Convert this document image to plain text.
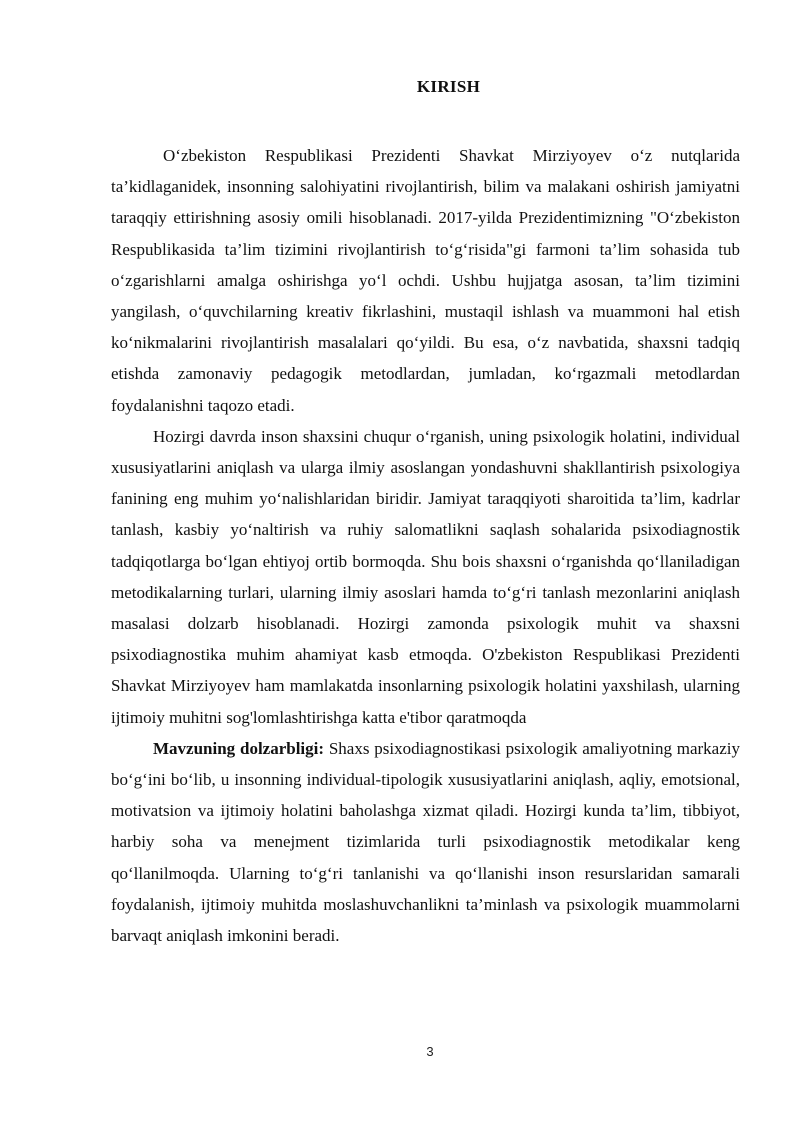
KIRISH

O‘zbekiston Respublikasi Prezidenti Shavkat Mirziyoyev o‘z nutqlarida ta’kidlaganidek, insonning salohiyatini rivojlantirish, bilim va malakani oshirish jamiyatni taraqqiy ettirishning asosiy omili hisoblanadi. 2017-yilda Prezidentimizning "O‘zbekiston Respublikasida ta’lim tizimini rivojlantirish to‘g‘risida"gi farmoni ta’lim sohasida tub o‘zgarishlarni amalga oshirishga yo‘l ochdi. Ushbu hujjatga asosan, ta’lim tizimini yangilash, o‘quvchilarning kreativ fikrlashini, mustaqil ishlash va muammoni hal etish ko‘nikmalarini rivojlantirish masalalari qo‘yildi. Bu esa, o‘z navbatida, shaxsni tadqiq etishda zamonaviy pedagogik metodlardan, jumladan, ko‘rgazmali metodlardan foydalanishni taqozo etadi.

Hozirgi davrda inson shaxsini chuqur o‘rganish, uning psixologik holatini, individual xususiyatlarini aniqlash va ularga ilmiy asoslangan yondashuvni shakllantirish psixologiya fanining eng muhim yo‘nalishlaridan biridir. Jamiyat taraqqiyoti sharoitida ta’lim, kadrlar tanlash, kasbiy yo‘naltirish va ruhiy salomatlikni saqlash sohalarida psixodiagnostik tadqiqotlarga bo‘lgan ehtiyoj ortib bormoqda. Shu bois shaxsni o‘rganishda qo‘llaniladigan metodikalarning turlari, ularning ilmiy asoslari hamda to‘g‘ri tanlash mezonlarini aniqlash masalasi dolzarb hisoblanadi. Hozirgi zamonda psixologik muhit va shaxsni psixodiagnostika muhim ahamiyat kasb etmoqda. O'zbekiston Respublikasi Prezidenti Shavkat Mirziyoyev ham mamlakatda insonlarning psixologik holatini yaxshilash, ularning ijtimoiy muhitni sog'lomlashtirishga katta e'tibor qaratmoqda

Mavzuning dolzarbligi: Shaxs psixodiagnostikasi psixologik amaliyotning markaziy bo‘g‘ini bo‘lib, u insonning individual-tipologik xususiyatlarini aniqlash, aqliy, emotsional, motivatsion va ijtimoiy holatini baholashga xizmat qiladi. Hozirgi kunda ta’lim, tibbiyot, harbiy soha va menejment tizimlarida turli psixodiagnostik metodikalar keng qo‘llanilmoqda. Ularning to‘g‘ri tanlanishi va qo‘llanishi inson resurslaridan samarali foydalanish, ijtimoiy muhitda moslashuvchanlikni ta’minlash va psixologik muammolarni barvaqt aniqlash imkonini beradi.

3
